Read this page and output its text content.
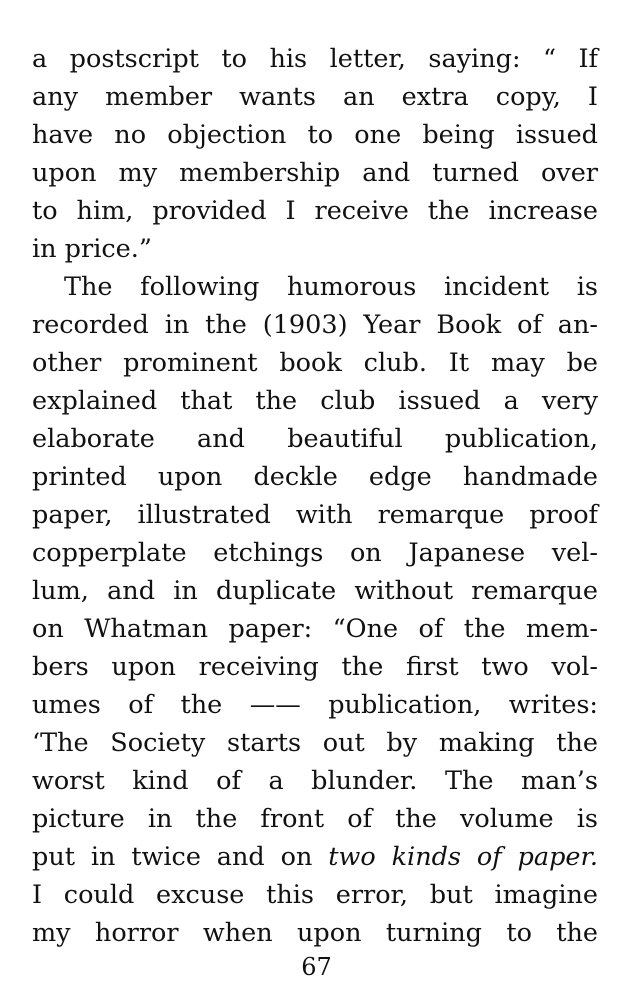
a postscript to his letter, saying: “ If
any member wants an extra copy, I
have no objection to one being issued
upon my membership and turned over
to him, provided I receive the increase
in price.”
The following humorous incident is
recorded in the (1903) Year Book of an-
other prominent book club. It may be
explained that the club issued a very
elaborate and beautiful publication,
printed upon deckle edge handmade
paper, illustrated with remarque proof
copperplate etchings on Japanese vel-
lum, and in duplicate without remarque
on Whatman paper: “One of the mem-
bers upon receiving the first two vol-
umes of the —— publication, writes:
‘The Society starts out by making the
worst kind of a blunder. The man’s
picture in the front of the volume is
put in twice and on two kinds of paper.
I could excuse this error, but imagine
my horror when upon turning to the
67
